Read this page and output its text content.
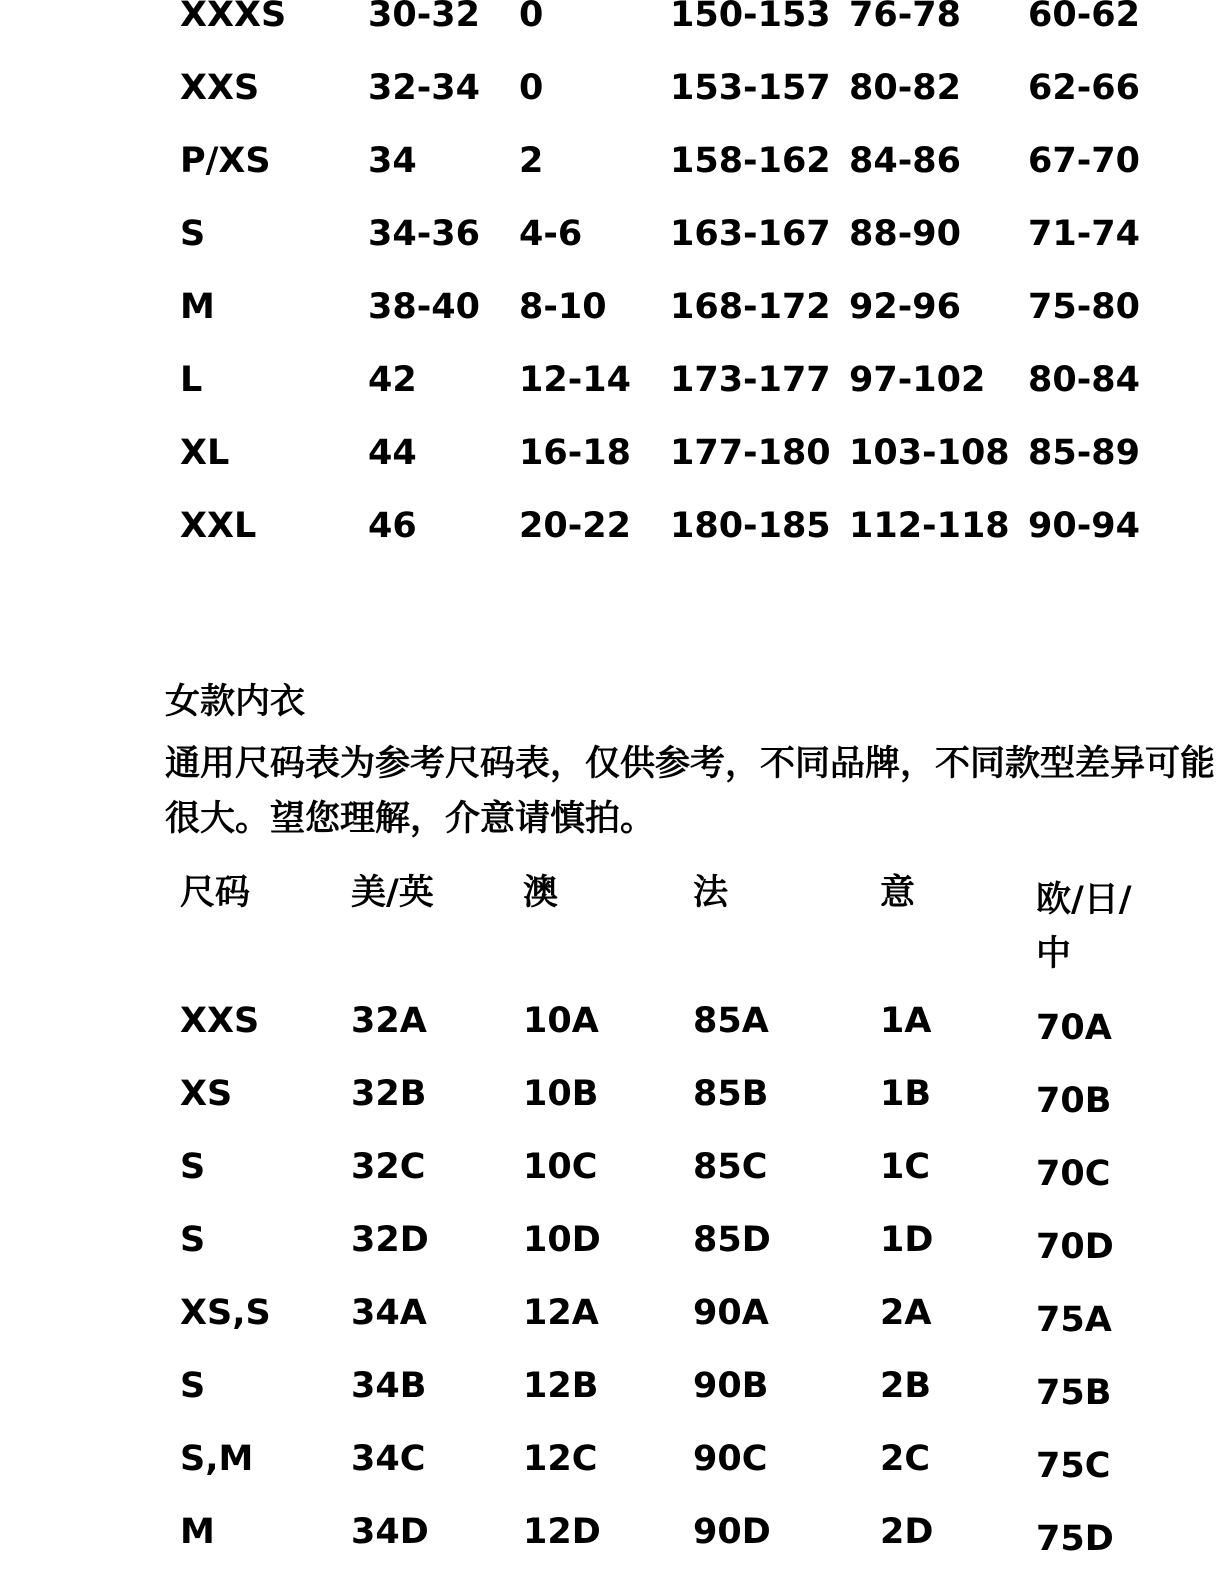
XXXS	30-32	0	150-153	76-78	60-62
XXS	32-34	0	153-157	80-82	62-66
P/XS	34	2	158-162	84-86	67-70
S	34-36	4-6	163-167	88-90	71-74
M	38-40	8-10	168-172	92-96	75-80
L	42	12-14	173-177	97-102	80-84
XL	44	16-18	177-180	103-108	85-89
XXL	46	20-22	180-185	112-118	90-94

女款内衣

通用尺码表为参考尺码表，仅供参考，不同品牌，不同款型差异可能很大。望您理解，介意请慎拍。

尺码	美/英	澳	法	意	欧/日/中
XXS	32A	10A	85A	1A	70A
XS	32B	10B	85B	1B	70B
S	32C	10C	85C	1C	70C
S	32D	10D	85D	1D	70D
XS,S	34A	12A	90A	2A	75A
S	34B	12B	90B	2B	75B
S,M	34C	12C	90C	2C	75C
M	34D	12D	90D	2D	75D
